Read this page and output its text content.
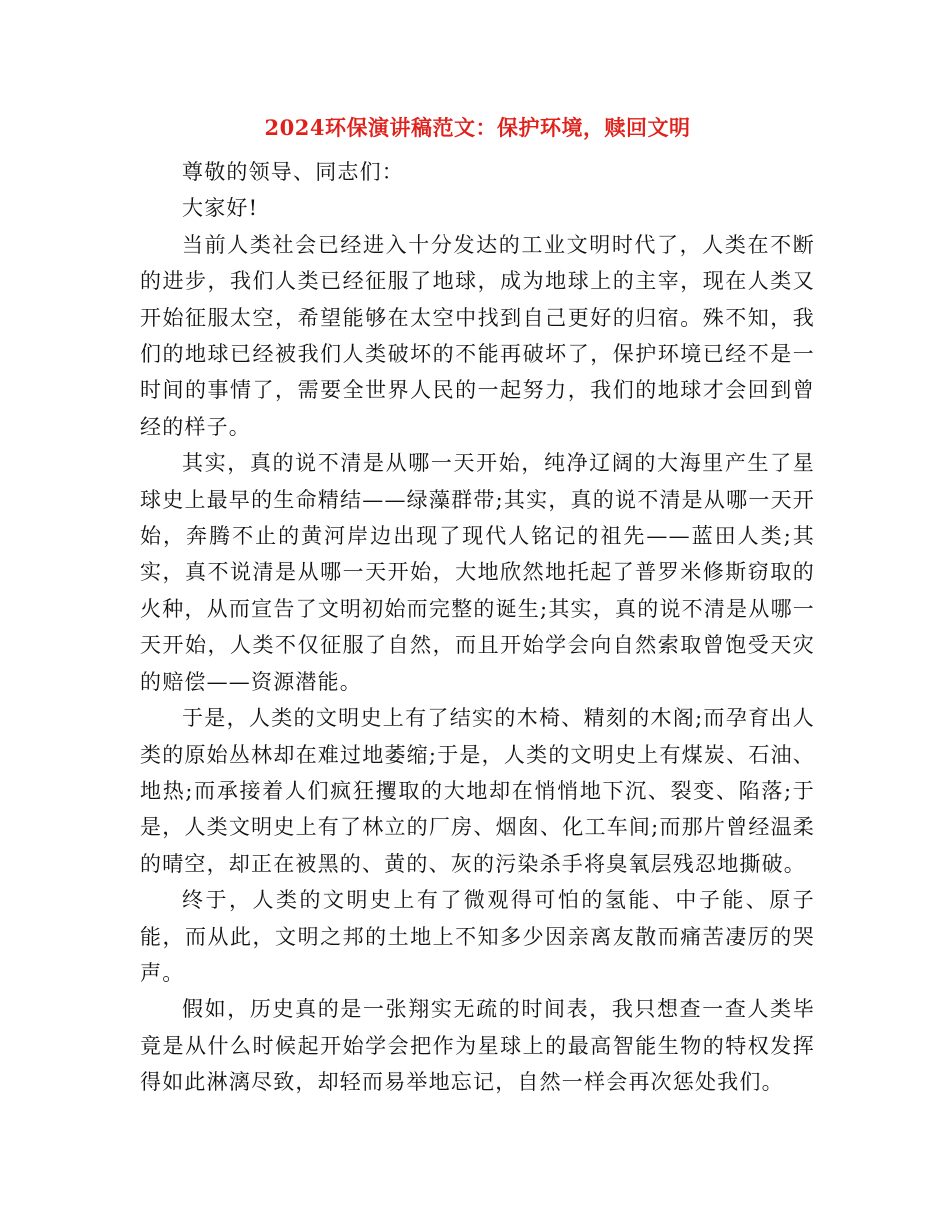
2024环保演讲稿范文：保护环境，赎回文明

尊敬的领导、同志们：

大家好!

当前人类社会已经进入十分发达的工业文明时代了，人类在不断的进步，我们人类已经征服了地球，成为地球上的主宰，现在人类又开始征服太空，希望能够在太空中找到自己更好的归宿。殊不知，我们的地球已经被我们人类破坏的不能再破坏了，保护环境已经不是一时间的事情了，需要全世界人民的一起努力，我们的地球才会回到曾经的样子。

其实，真的说不清是从哪一天开始，纯净辽阔的大海里产生了星球史上最早的生命精结——绿藻群带;其实，真的说不清是从哪一天开始，奔腾不止的黄河岸边出现了现代人铭记的祖先——蓝田人类;其实，真不说清是从哪一天开始，大地欣然地托起了普罗米修斯窃取的火种，从而宣告了文明初始而完整的诞生;其实，真的说不清是从哪一天开始，人类不仅征服了自然，而且开始学会向自然索取曾饱受天灾的赔偿——资源潜能。

于是，人类的文明史上有了结实的木椅、精刻的木阁;而孕育出人类的原始丛林却在难过地萎缩;于是，人类的文明史上有煤炭、石油、地热;而承接着人们疯狂攫取的大地却在悄悄地下沉、裂变、陷落;于是，人类文明史上有了林立的厂房、烟囱、化工车间;而那片曾经温柔的晴空，却正在被黑的、黄的、灰的污染杀手将臭氧层残忍地撕破。

终于，人类的文明史上有了微观得可怕的氢能、中子能、原子能，而从此，文明之邦的土地上不知多少因亲离友散而痛苦凄厉的哭声。

假如，历史真的是一张翔实无疏的时间表，我只想查一查人类毕竟是从什么时候起开始学会把作为星球上的最高智能生物的特权发挥得如此淋漓尽致，却轻而易举地忘记，自然一样会再次惩处我们。
